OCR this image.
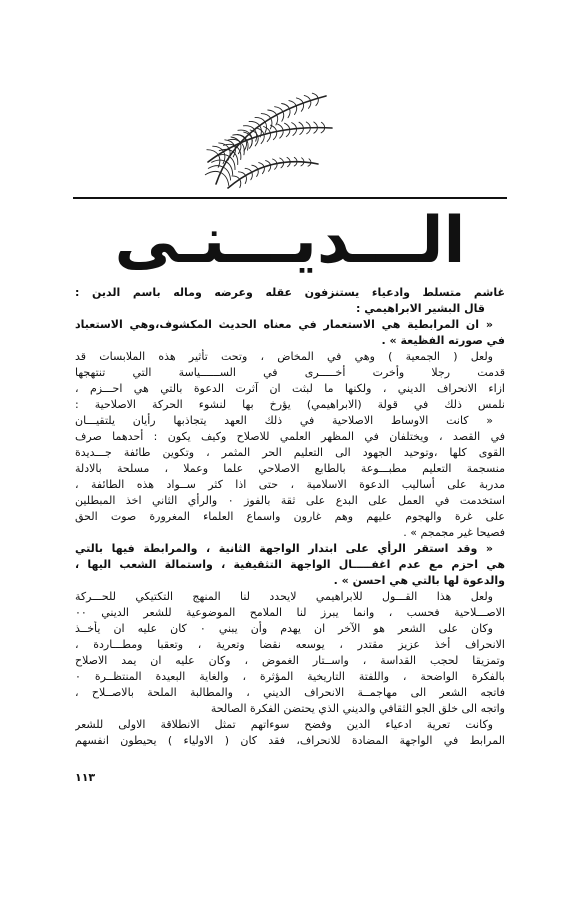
الـــديـــنـى
غاشم متسلط وادعياء يستنزفون عقله وعرضه وماله باسم الدين :
قال البشير الابراهيمي :
« ان المرابطية هي الاستعمار في معناه الحديث المكشوف،وهي الاستعباد
في صورته الفظيعة » .
ولعل ( الجمعية ) وهي في المخاض ، وتحت تأثير هذه الملابسات قد
قدمت رجلا وأخرت أخـــــرى في الســــــياسة التي تنتهجها
ازاء الانحراف الديني ، ولكنها ما لبثت ان آثرت الدعوة بالتي هي احـــزم ،
نلمس ذلك في قولة (الابراهيمي) يؤرخ بها لنشوء الحركة الاصلاحية :
« كانت الاوساط الاصلاحية في ذلك العهد يتجاذبها رأيان يلتقيـــان
في القصد ، ويختلفان في المظهر العلمي للاصلاح وكيف يكون : أحدهما صرف
القوى كلها ،وتوحيد الجهود الى التعليم الحر المثمر ، وتكوين طائفة جـــديدة
منسجمة التعليم مطبـــوعة بالطابع الاصلاحي علما وعملا ، مسلحة بالادلة
مدربة على أساليب الدعوة الاسلامية ، حتى اذا كثر ســواد هذه الطائفة ،
استخدمت في العمل على البدع على ثقة بالفوز ٠ والرأي الثاني اخذ المبطلين
على غرة والهجوم عليهم وهم غارون واسماع العلماء المغرورة صوت الحق
فصيحا غير مجمجم » .
« وقد استقر الرأي على ابتدار الواجهة الثانية ، والمرابطة فيها بالتي
هي احزم مع عدم اغفـــــال الواجهة التثقيفية ، واستمالة الشعب اليها ،
والدعوة لها بالتي هي احسن » .
ولعل هذا القـــول للابراهيمي لايحدد لنا المنهج التكتيكي للحـــركة
الاصـــلاحية فحسب ، وانما يبرز لنا الملامح الموضوعية للشعر الديني ٠٠
وكان على الشعر هو الآخر ان يهدم وأن يبني ٠ كان عليه ان يأخــذ
الانحراف أخذ عزيز مقتدر ، يوسعه نقضا وتعرية ، وتعقبا ومطـــاردة ،
وتمزيقا لحجب القداسة ، واســتار الغموض ، وكان عليه ان يمد الاصلاح
بالفكرة الواضحة ، واللفتة التاريخية المؤثرة ، والغاية البعيدة المنتظــرة ٠
فاتجه الشعر الى مهاجمــة الانحراف الديني ، والمطالبة الملحة بالاصــلاح ،
واتجه الى خلق الجو الثقافي والديني الذي يحتضن الفكرة الصالحة
وكانت تعرية ادعياء الدين وفضح سوءاتهم تمثل الانطلاقة الاولى للشعر
المرابط في الواجهة المضادة للانحراف، فقد كان ( الاولياء ) يحيطون انفسهم
١١٣
